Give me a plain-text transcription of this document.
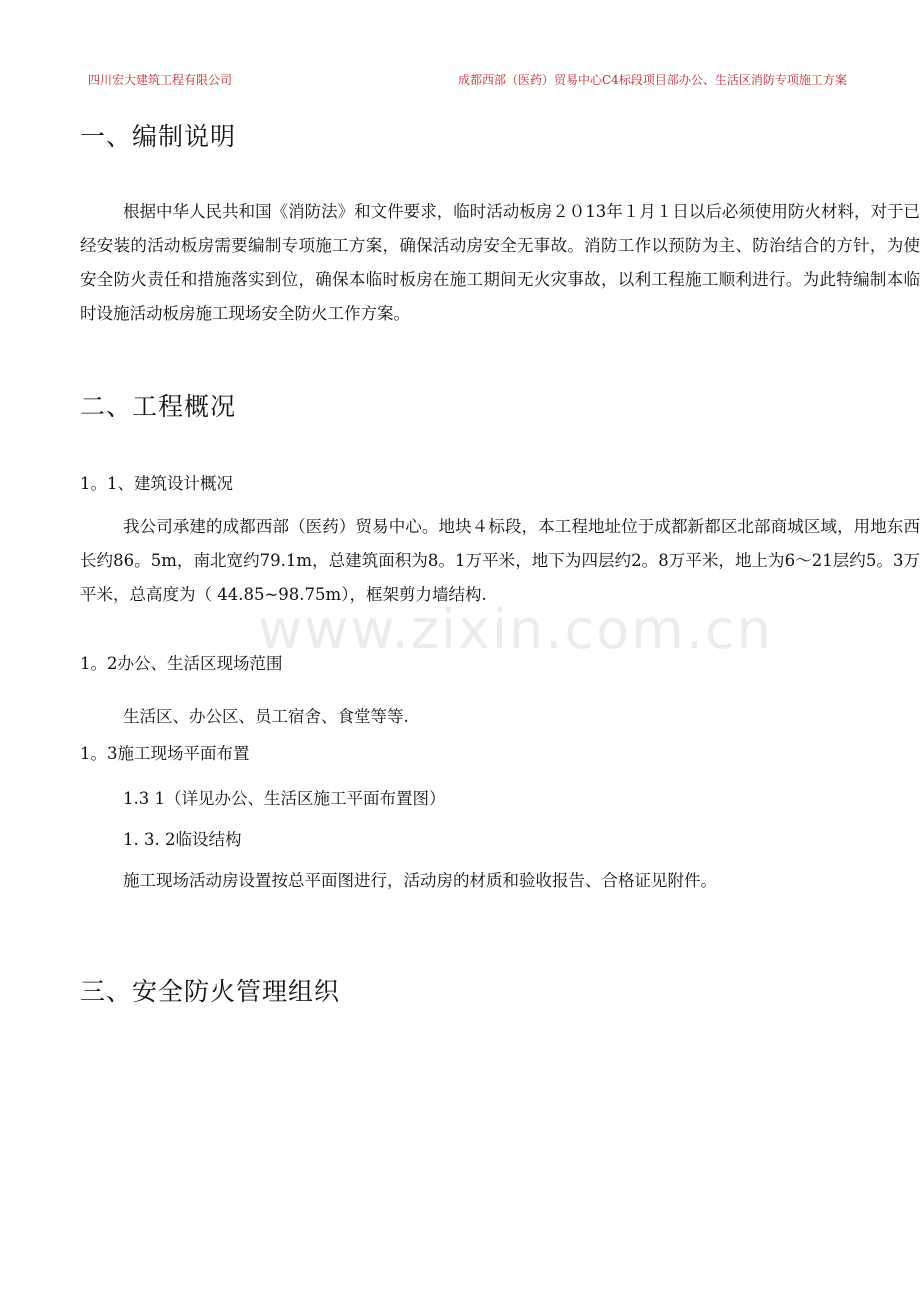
四川宏大建筑工程有限公司	成都西部（医药）贸易中心C4标段项目部办公、生活区消防专项施工方案
一、编制说明

根据中华人民共和国《消防法》和文件要求，临时活动板房２０13年１月１日以后必须使用防火材料，对于已经安装的活动板房需要编制专项施工方案，确保活动房安全无事故。消防工作以预防为主、防治结合的方针，为使安全防火责任和措施落实到位，确保本临时板房在施工期间无火灾事故，以利工程施工顺利进行。为此特编制本临时设施活动板房施工现场安全防火工作方案。

二、工程概况

1。1、建筑设计概况

我公司承建的成都西部（医药）贸易中心。地块４标段，本工程地址位于成都新都区北部商城区域，用地东西长约86。5m，南北宽约79.1m，总建筑面积为8。1万平米，地下为四层约2。8万平米，地上为6～21层约5。3万平米，总高度为（ 44.85~98.75m），框架剪力墙结构.

1。2办公、生活区现场范围

生活区、办公区、员工宿舍、食堂等等.

1。3施工现场平面布置

1.3 1（详见办公、生活区施工平面布置图）

1. 3. 2临设结构

施工现场活动房设置按总平面图进行，活动房的材质和验收报告、合格证见附件。

三、安全防火管理组织
www.zixin.com.cn
